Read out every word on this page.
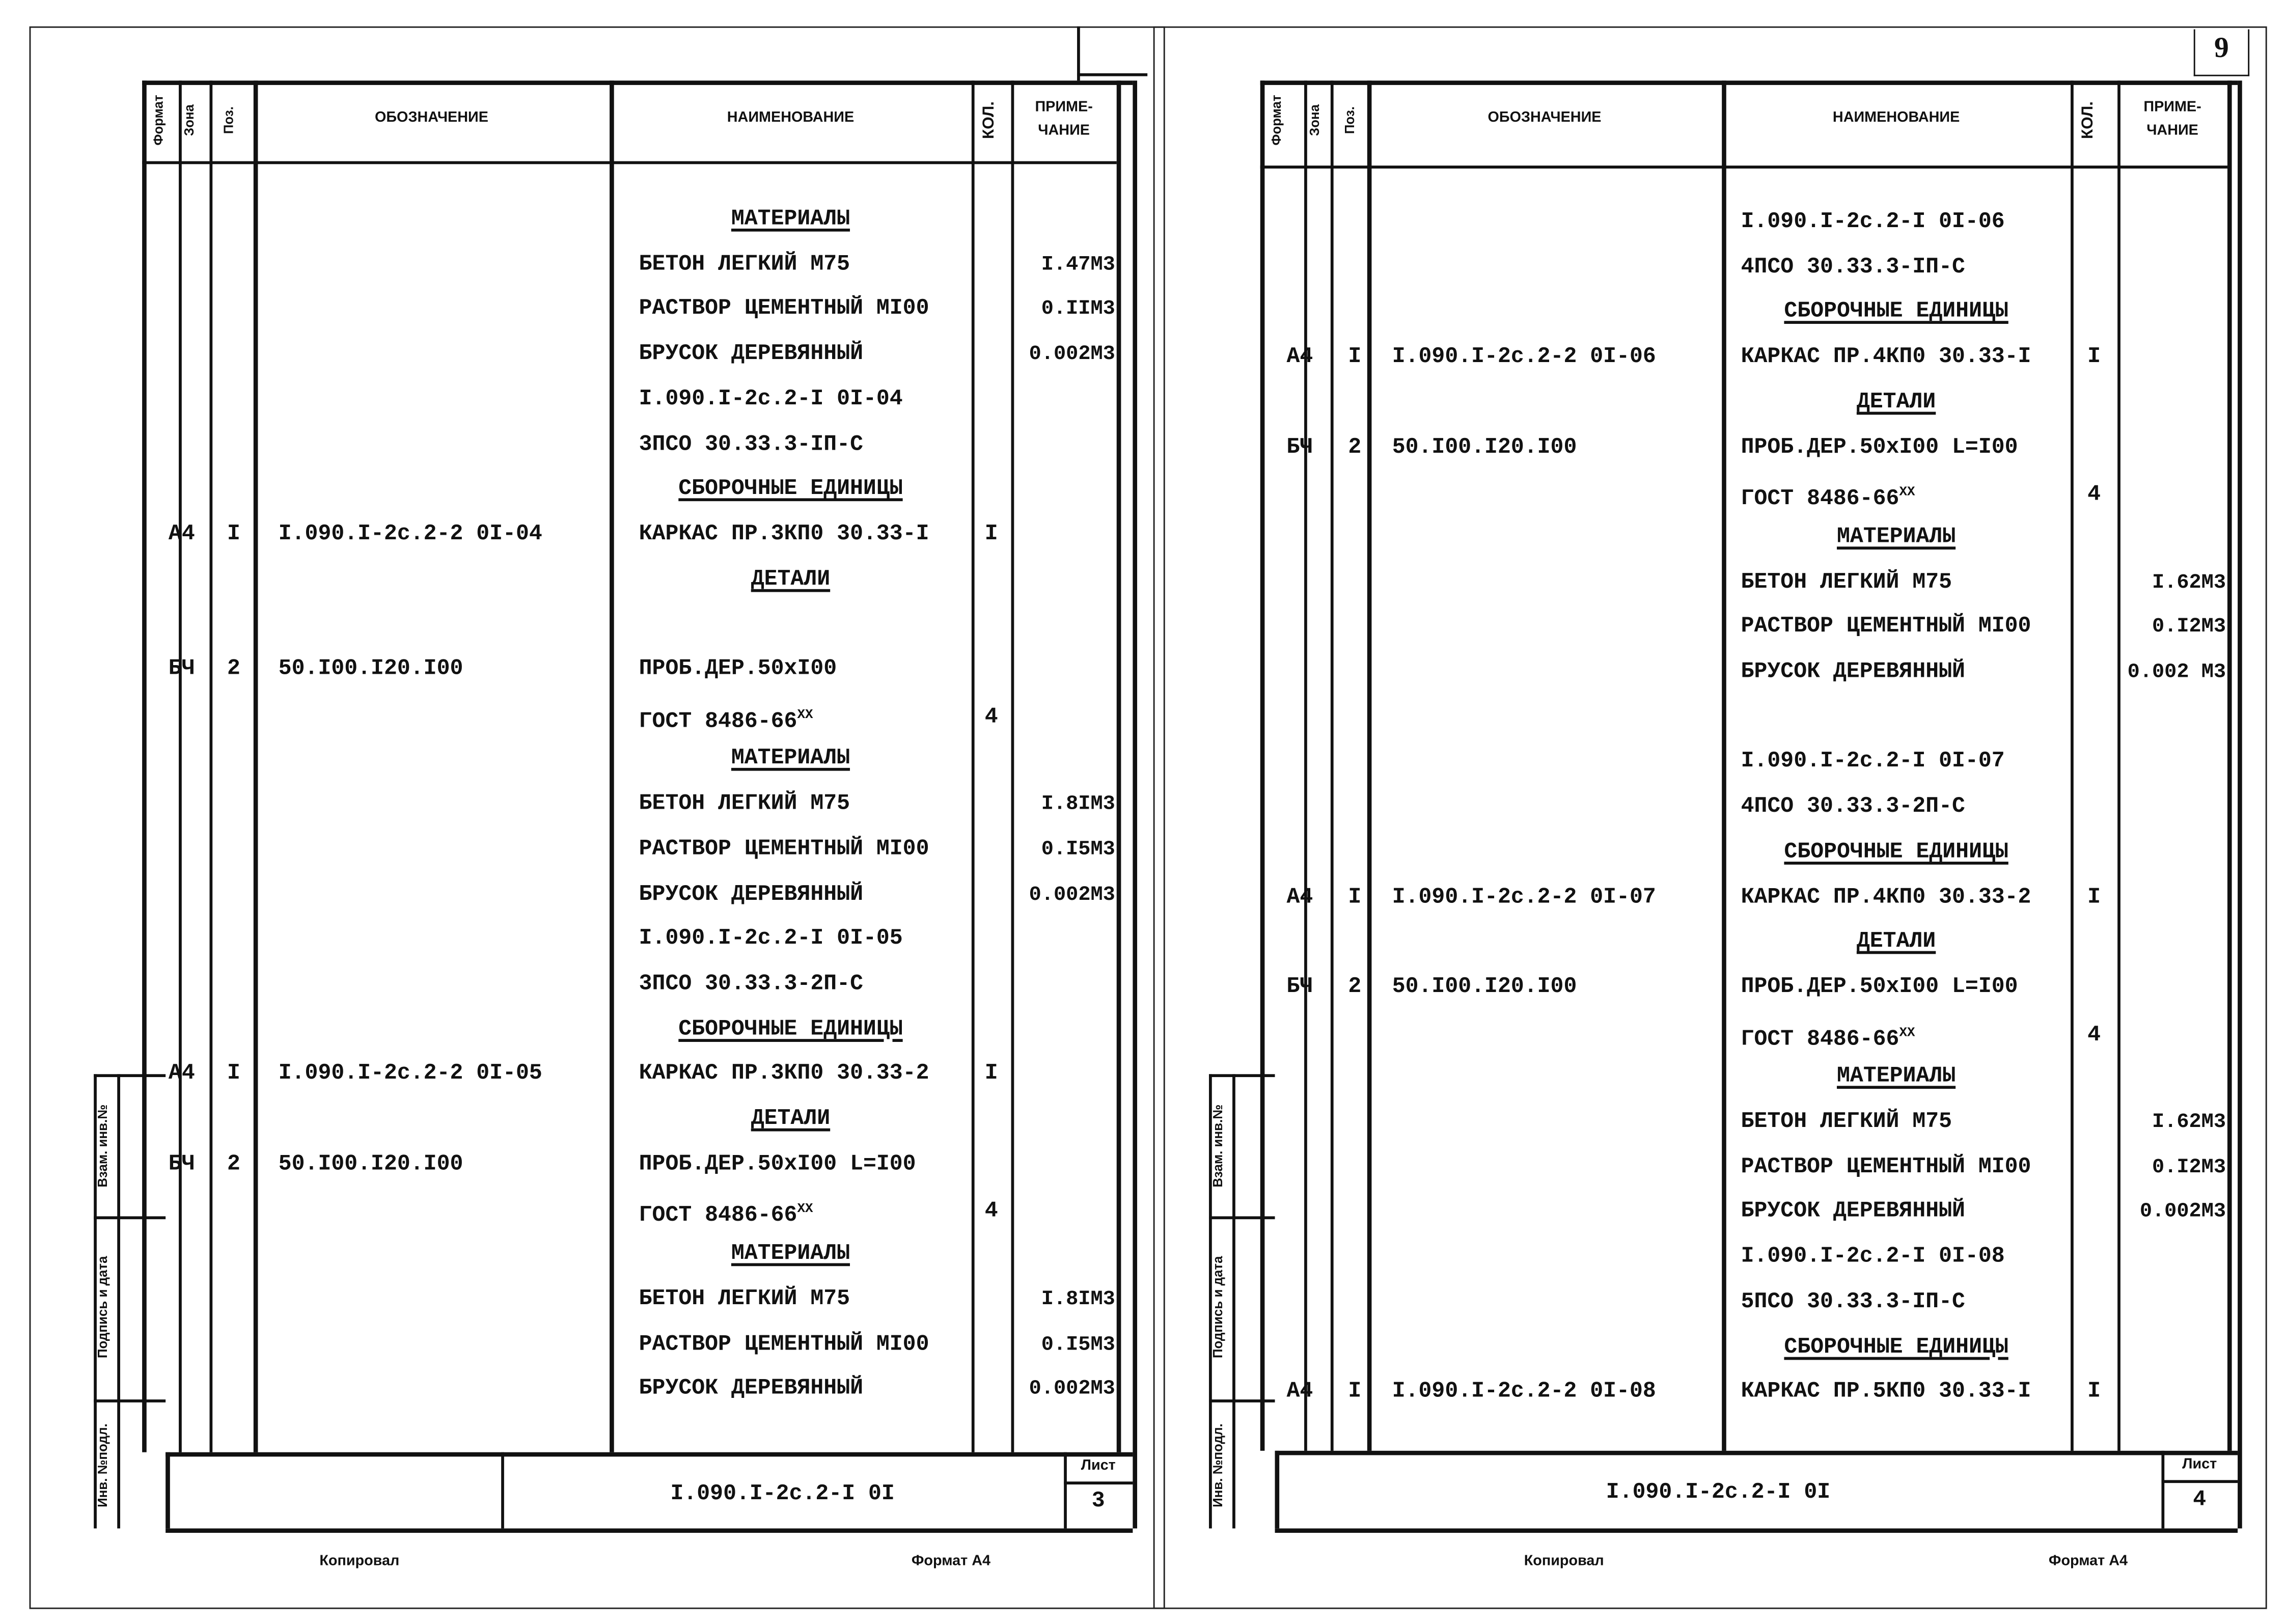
Формат	Зона	Поз.	ОБОЗНАЧЕНИЕ	НАИМЕНОВАНИЕ	КОЛ.	ПРИМЕ-
ЧАНИЕ
МАТЕРИАЛЫ
БЕТОН ЛЕГКИЙ М75	I.47М3
РАСТВОР ЦЕМЕНТНЫЙ МI00	0.IIМ3
БРУСОК ДЕРЕВЯННЫЙ	0.002М3
I.090.I-2c.2-I 0I-04
3ПСО 30.33.3-IП-С
СБОРОЧНЫЕ ЕДИНИЦЫ
А4	I	I.090.I-2c.2-2 0I-04	КАРКАС ПР.3КП0 30.33-I	I
ДЕТАЛИ
БЧ	2	50.I00.I20.I00	ПРОБ.ДЕР.50хI00
ГОСТ $8486-66^{XX}$	4
МАТЕРИАЛЫ
БЕТОН ЛЕГКИЙ М75	I.8IМ3
РАСТВОР ЦЕМЕНТНЫЙ МI00	0.I5М3
БРУСОК ДЕРЕВЯННЫЙ	0.002М3
I.090.I-2c.2-I 0I-05
3ПСО 30.33.3-2П-С
СБОРОЧНЫЕ ЕДИНИЦЫ
А4	I	I.090.I-2c.2-2 0I-05	КАРКАС ПР.3КП0 30.33-2	I
ДЕТАЛИ
БЧ	2	50.I00.I20.I00	ПРОБ.ДЕР.50хI00 L=I00
ГОСТ $8486-66^{XX}$	4
МАТЕРИАЛЫ
БЕТОН ЛЕГКИЙ М75	I.8IМ3
РАСТВОР ЦЕМЕНТНЫЙ МI00	0.I5М3
БРУСОК ДЕРЕВЯННЫЙ	0.002М3
I.090.I-2c.2-I 0I
Лист
3
Взам. инв.№
Подпись и дата
Инв. №подл.
Копировал	Формат А4
Формат	Зона	Поз.	ОБОЗНАЧЕНИЕ	НАИМЕНОВАНИЕ	КОЛ.	ПРИМЕ-
ЧАНИЕ
I.090.I-2c.2-I 0I-06
4ПСО 30.33.3-IП-С
СБОРОЧНЫЕ ЕДИНИЦЫ
А4	I	I.090.I-2c.2-2 0I-06	КАРКАС ПР.4КП0 30.33-I	I
ДЕТАЛИ
БЧ	2	50.I00.I20.I00	ПРОБ.ДЕР.50хI00 L=I00
ГОСТ $8486-66^{XX}$	4
МАТЕРИАЛЫ
БЕТОН ЛЕГКИЙ М75	I.62М3
РАСТВОР ЦЕМЕНТНЫЙ МI00	0.I2М3
БРУСОК ДЕРЕВЯННЫЙ	0.002 М3
I.090.I-2c.2-I 0I-07
4ПСО 30.33.3-2П-С
СБОРОЧНЫЕ ЕДИНИЦЫ
А4	I	I.090.I-2c.2-2 0I-07	КАРКАС ПР.4КП0 30.33-2	I
ДЕТАЛИ
БЧ	2	50.I00.I20.I00	ПРОБ.ДЕР.50хI00 L=I00
ГОСТ $8486-66^{XX}$	4
МАТЕРИАЛЫ
БЕТОН ЛЕГКИЙ М75	I.62М3
РАСТВОР ЦЕМЕНТНЫЙ МI00	0.I2М3
БРУСОК ДЕРЕВЯННЫЙ	0.002М3
I.090.I-2c.2-I 0I-08
5ПСО 30.33.3-IП-С
СБОРОЧНЫЕ ЕДИНИЦЫ
А4	I	I.090.I-2c.2-2 0I-08	КАРКАС ПР.5КП0 30.33-I	I
I.090.I-2c.2-I 0I
Лист
4
Взам. инв.№
Подпись и дата
Инв. №подл.
Копировал	Формат А4
9
